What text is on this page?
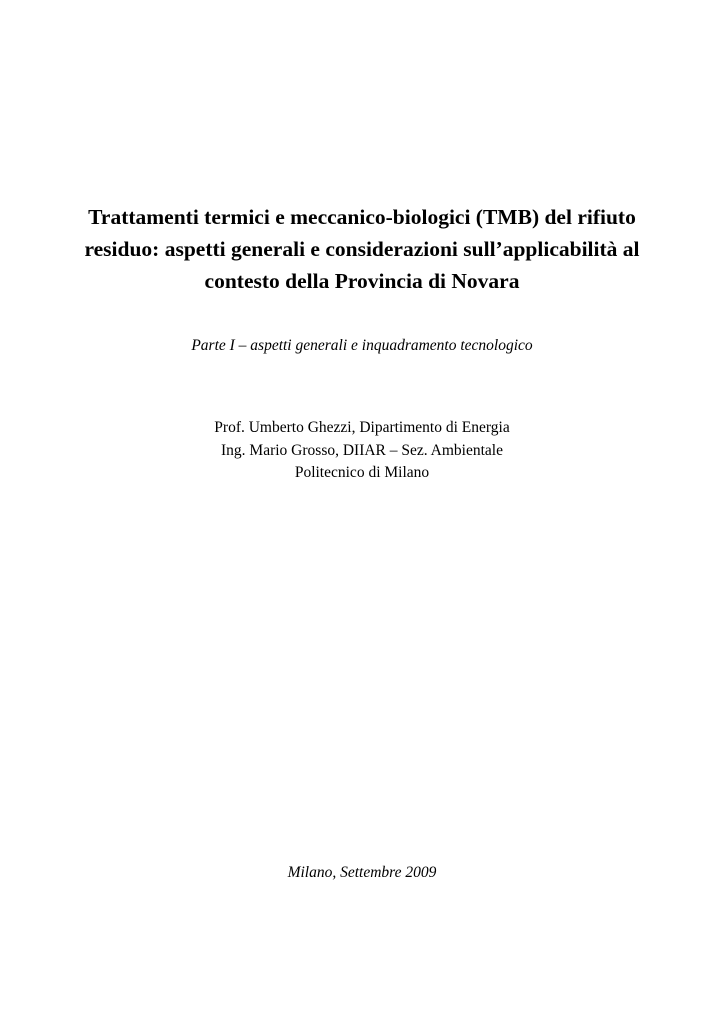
Trattamenti termici e meccanico-biologici (TMB) del rifiuto
residuo: aspetti generali e considerazioni sull’applicabilità al
contesto della Provincia di Novara

Parte I – aspetti generali e inquadramento tecnologico

Prof. Umberto Ghezzi, Dipartimento di Energia
Ing. Mario Grosso, DIIAR – Sez. Ambientale
Politecnico di Milano

Milano, Settembre 2009
